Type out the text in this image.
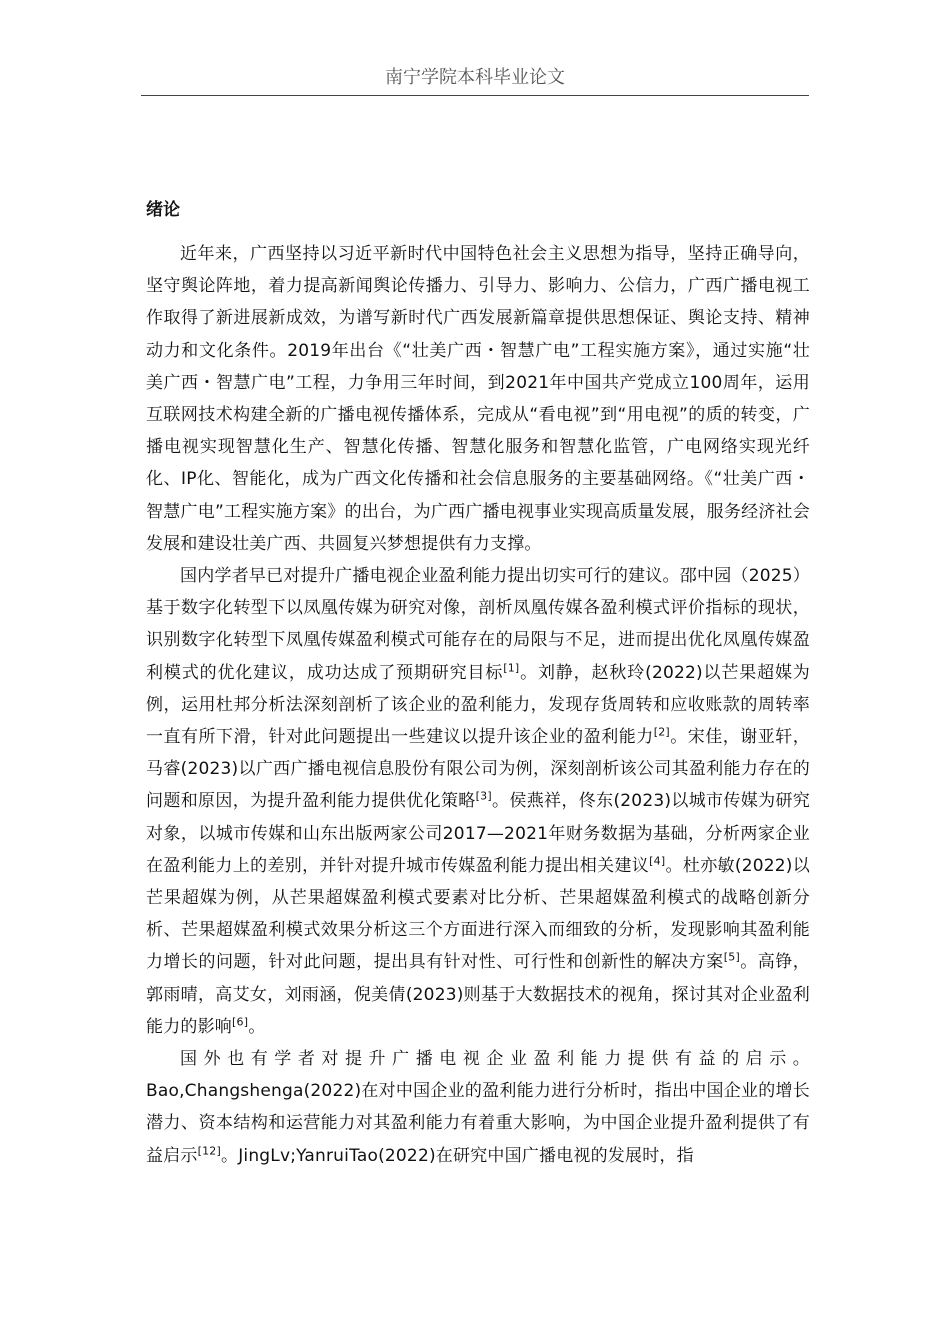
南宁学院本科毕业论文
绪论

近年来，广西坚持以习近平新时代中国特色社会主义思想为指导，坚持正确导向，坚守舆论阵地，着力提高新闻舆论传播力、引导力、影响力、公信力，广西广播电视工作取得了新进展新成效，为谱写新时代广西发展新篇章提供思想保证、舆论支持、精神动力和文化条件。2019年出台《“壮美广西・智慧广电”工程实施方案》，通过实施“壮美广西・智慧广电”工程，力争用三年时间，到2021年中国共产党成立100周年，运用互联网技术构建全新的广播电视传播体系，完成从“看电视”到“用电视”的质的转变，广播电视实现智慧化生产、智慧化传播、智慧化服务和智慧化监管，广电网络实现光纤化、IP化、智能化，成为广西文化传播和社会信息服务的主要基础网络。《“壮美广西・智慧广电”工程实施方案》的出台，为广西广播电视事业实现高质量发展，服务经济社会发展和建设壮美广西、共圆复兴梦想提供有力支撑。

国内学者早已对提升广播电视企业盈利能力提出切实可行的建议。邵中园（2025）基于数字化转型下以凤凰传媒为研究对像，剖析凤凰传媒各盈利模式评价指标的现状，识别数字化转型下凤凰传媒盈利模式可能存在的局限与不足，进而提出优化凤凰传媒盈利模式的优化建议，成功达成了预期研究目标[1]。刘静，赵秋玲(2022)以芒果超媒为例，运用杜邦分析法深刻剖析了该企业的盈利能力，发现存货周转和应收账款的周转率一直有所下滑，针对此问题提出一些建议以提升该企业的盈利能力[2]。宋佳，谢亚轩，马睿(2023)以广西广播电视信息股份有限公司为例，深刻剖析该公司其盈利能力存在的问题和原因，为提升盈利能力提供优化策略[3]。侯燕祥，佟东(2023)以城市传媒为研究对象，以城市传媒和山东出版两家公司2017—2021年财务数据为基础，分析两家企业在盈利能力上的差别，并针对提升城市传媒盈利能力提出相关建议[4]。杜亦敏(2022)以芒果超媒为例，从芒果超媒盈利模式要素对比分析、芒果超媒盈利模式的战略创新分析、芒果超媒盈利模式效果分析这三个方面进行深入而细致的分析，发现影响其盈利能力增长的问题，针对此问题，提出具有针对性、可行性和创新性的解决方案[5]。高铮，郭雨晴，高艾女，刘雨涵，倪美倩(2023)则基于大数据技术的视角，探讨其对企业盈利能力的影响[6]。

国外也有学者对提升广播电视企业盈利能力提供有益的启示。Bao,Changshenga(2022)在对中国企业的盈利能力进行分析时，指出中国企业的增长潜力、资本结构和运营能力对其盈利能力有着重大影响，为中国企业提升盈利提供了有益启示[12]。JingLv;YanruiTao(2022)在研究中国广播电视的发展时，指
